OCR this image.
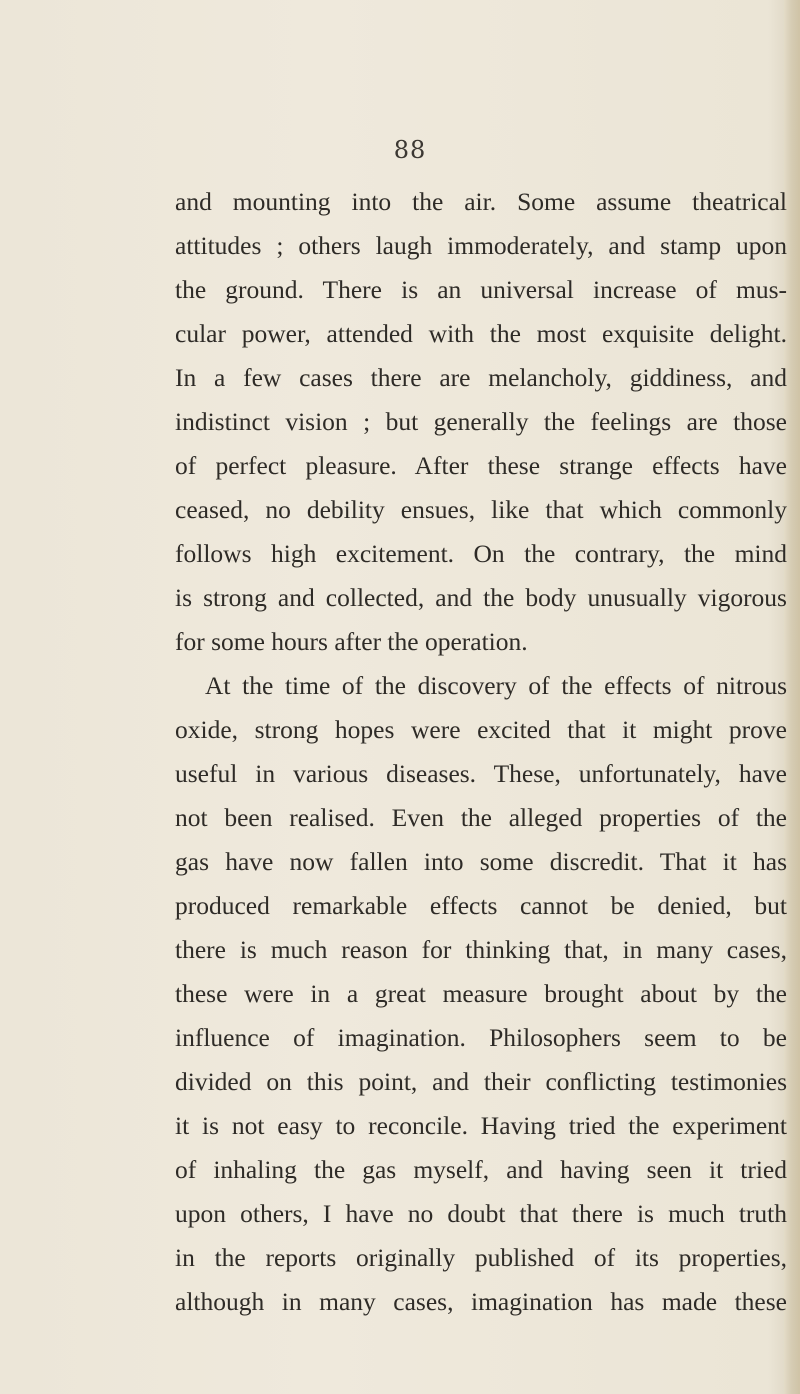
88
and mounting into the air. Some assume theatrical
attitudes ; others laugh immoderately, and stamp upon
the ground. There is an universal increase of mus-
cular power, attended with the most exquisite delight.
In a few cases there are melancholy, giddiness, and
indistinct vision ; but generally the feelings are those
of perfect pleasure. After these strange effects have
ceased, no debility ensues, like that which commonly
follows high excitement. On the contrary, the mind
is strong and collected, and the body unusually vigorous
for some hours after the operation.
At the time of the discovery of the effects of nitrous
oxide, strong hopes were excited that it might prove
useful in various diseases. These, unfortunately, have
not been realised. Even the alleged properties of the
gas have now fallen into some discredit. That it has
produced remarkable effects cannot be denied, but
there is much reason for thinking that, in many cases,
these were in a great measure brought about by the
influence of imagination. Philosophers seem to be
divided on this point, and their conflicting testimonies
it is not easy to reconcile. Having tried the experiment
of inhaling the gas myself, and having seen it tried
upon others, I have no doubt that there is much truth
in the reports originally published of its properties,
although in many cases, imagination has made these
